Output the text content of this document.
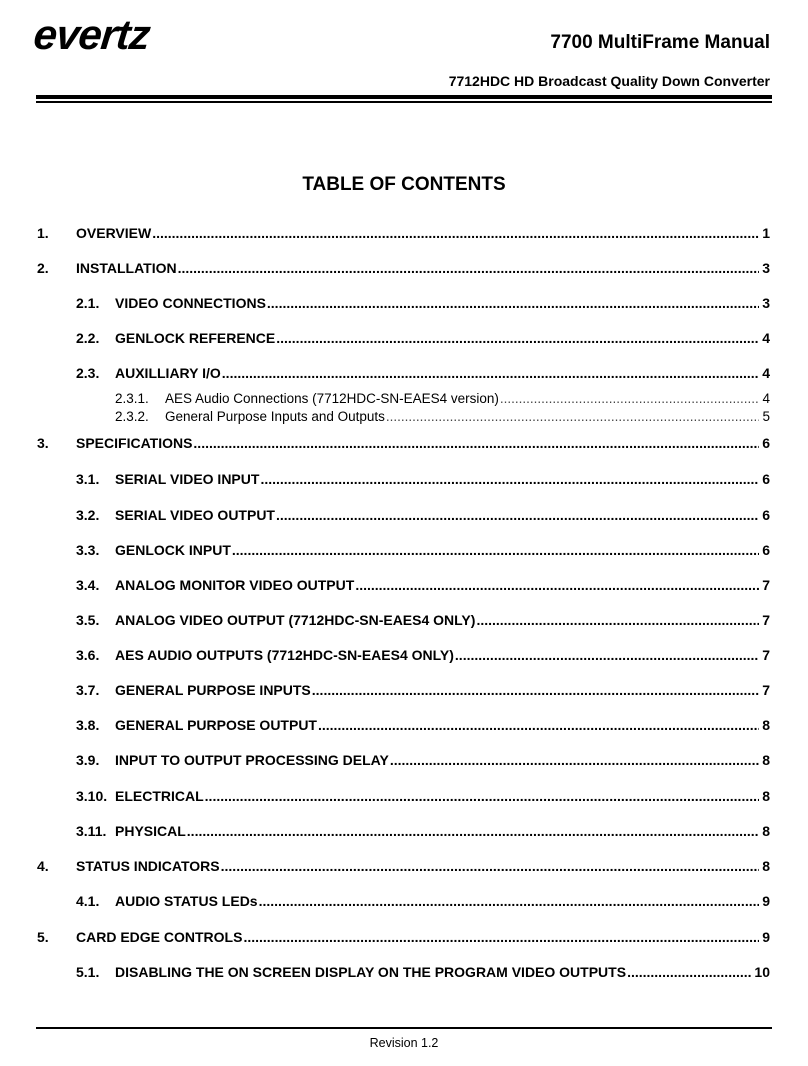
evertz	7700 MultiFrame Manual
7712HDC HD Broadcast Quality Down Converter
TABLE OF CONTENTS
1.	OVERVIEW .....	1
2.	INSTALLATION .....	3
2.1.	VIDEO CONNECTIONS .....	3
2.2.	GENLOCK REFERENCE .....	4
2.3.	AUXILLIARY I/O .....	4
2.3.1.	AES Audio Connections (7712HDC-SN-EAES4 version) .....	4
2.3.2.	General Purpose Inputs and Outputs .....	5
3.	SPECIFICATIONS .....	6
3.1.	SERIAL VIDEO INPUT .....	6
3.2.	SERIAL VIDEO OUTPUT .....	6
3.3.	GENLOCK INPUT .....	6
3.4.	ANALOG MONITOR VIDEO OUTPUT .....	7
3.5.	ANALOG VIDEO OUTPUT (7712HDC-SN-EAES4 ONLY) .....	7
3.6.	AES AUDIO OUTPUTS (7712HDC-SN-EAES4 ONLY) .....	7
3.7.	GENERAL PURPOSE INPUTS .....	7
3.8.	GENERAL PURPOSE OUTPUT .....	8
3.9.	INPUT TO OUTPUT PROCESSING DELAY .....	8
3.10. ELECTRICAL .....	8
3.11. PHYSICAL .....	8
4.	STATUS INDICATORS .....	8
4.1.	AUDIO STATUS LEDs .....	9
5.	CARD EDGE CONTROLS .....	9
5.1.	DISABLING THE ON SCREEN DISPLAY ON THE PROGRAM VIDEO OUTPUTS .....	10
Revision 1.2
